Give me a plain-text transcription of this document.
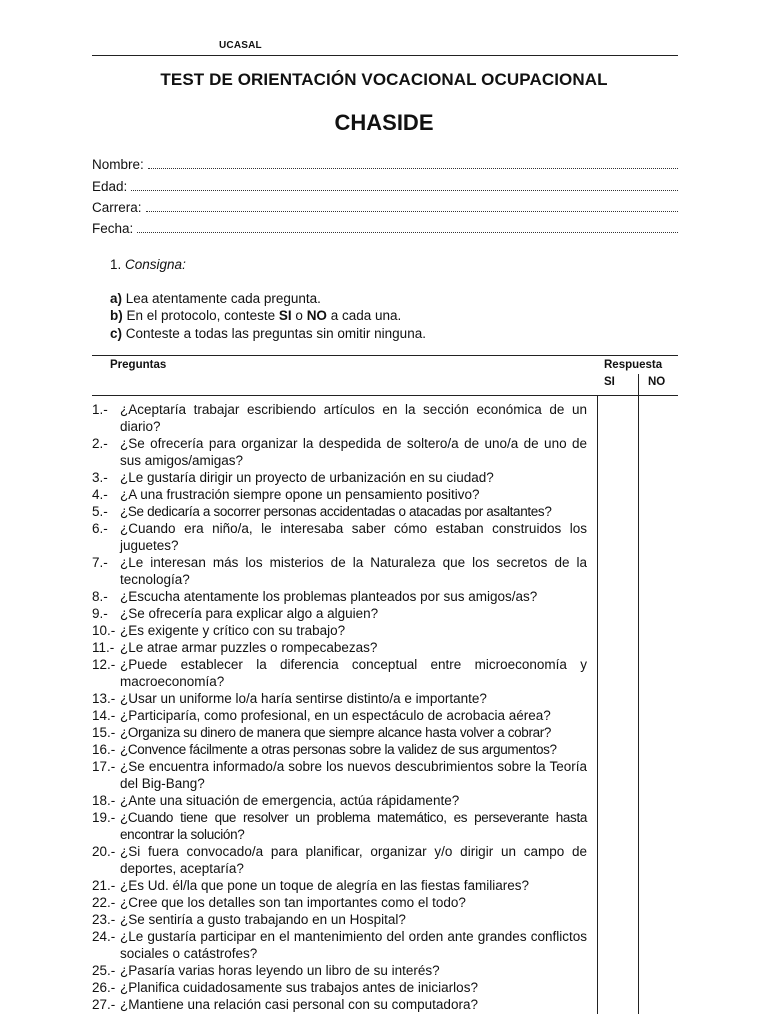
UCASAL
TEST DE ORIENTACIÓN VOCACIONAL OCUPACIONAL
CHASIDE
Nombre:
Edad:
Carrera:
Fecha:
1. Consigna:
a) Lea atentamente cada pregunta.
b) En el protocolo, conteste SI o NO a cada una.
c) Conteste a todas las preguntas sin omitir ninguna.
Preguntas	Respuesta
SI	NO
1.- ¿Aceptaría trabajar escribiendo artículos en la sección económica de un diario?
2.- ¿Se ofrecería para organizar la despedida de soltero/a de uno/a de uno de sus amigos/amigas?
3.- ¿Le gustaría dirigir un proyecto de urbanización en su ciudad?
4.- ¿A una frustración siempre opone un pensamiento positivo?
5.- ¿Se dedicaría a socorrer personas accidentadas o atacadas por asaltantes?
6.- ¿Cuando era niño/a, le interesaba saber cómo estaban construidos los juguetes?
7.- ¿Le interesan más los misterios de la Naturaleza que los secretos de la tecnología?
8.- ¿Escucha atentamente los problemas planteados por sus amigos/as?
9.- ¿Se ofrecería para explicar algo a alguien?
10.- ¿Es exigente y crítico con su trabajo?
11.- ¿Le atrae armar puzzles o rompecabezas?
12.- ¿Puede establecer la diferencia conceptual entre microeconomía y macroeconomía?
13.- ¿Usar un uniforme lo/a haría sentirse distinto/a e importante?
14.- ¿Participaría, como profesional, en un espectáculo de acrobacia aérea?
15.- ¿Organiza su dinero de manera que siempre alcance hasta volver a cobrar?
16.- ¿Convence fácilmente a otras personas sobre la validez de sus argumentos?
17.- ¿Se encuentra informado/a sobre los nuevos descubrimientos sobre la Teoría del Big-Bang?
18.- ¿Ante una situación de emergencia, actúa rápidamente?
19.- ¿Cuando tiene que resolver un problema matemático, es perseverante hasta encontrar la solución?
20.- ¿Si fuera convocado/a para planificar, organizar y/o dirigir un campo de deportes, aceptaría?
21.- ¿Es Ud. él/la que pone un toque de alegría en las fiestas familiares?
22.- ¿Cree que los detalles son tan importantes como el todo?
23.- ¿Se sentiría a gusto trabajando en un Hospital?
24.- ¿Le gustaría participar en el mantenimiento del orden ante grandes conflictos sociales o catástrofes?
25.- ¿Pasaría varias horas leyendo un libro de su interés?
26.- ¿Planifica cuidadosamente sus trabajos antes de iniciarlos?
27.- ¿Mantiene una relación casi personal con su computadora?
